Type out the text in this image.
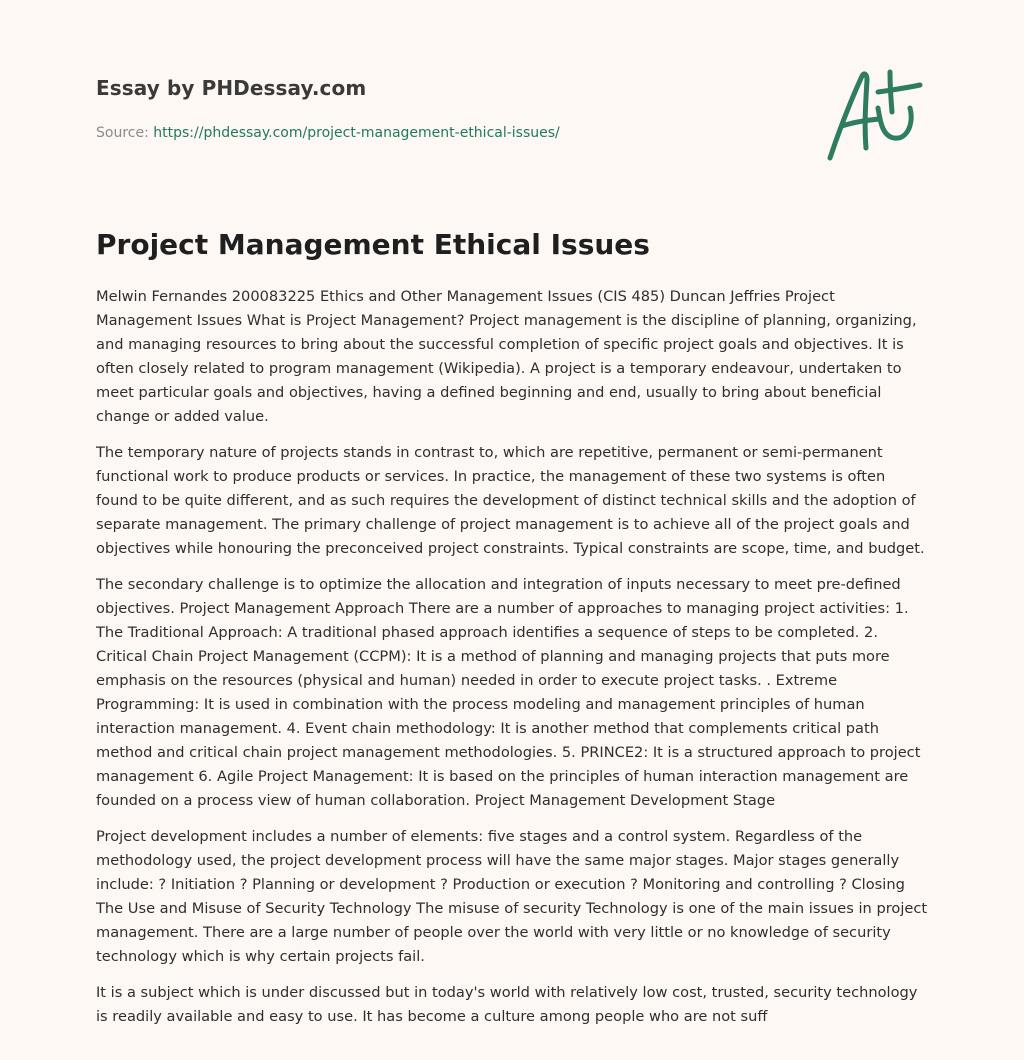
Essay by PHDessay.com
Source: https://phdessay.com/project-management-ethical-issues/
Project Management Ethical Issues

Melwin Fernandes 200083225 Ethics and Other Management Issues (CIS 485) Duncan Jeffries Project Management Issues What is Project Management? Project management is the discipline of planning, organizing, and managing resources to bring about the successful completion of specific project goals and objectives. It is often closely related to program management (Wikipedia). A project is a temporary endeavour, undertaken to meet particular goals and objectives, having a defined beginning and end, usually to bring about beneficial change or added value.

The temporary nature of projects stands in contrast to, which are repetitive, permanent or semi-permanent functional work to produce products or services. In practice, the management of these two systems is often found to be quite different, and as such requires the development of distinct technical skills and the adoption of separate management. The primary challenge of project management is to achieve all of the project goals and objectives while honouring the preconceived project constraints. Typical constraints are scope, time, and budget.

The secondary challenge is to optimize the allocation and integration of inputs necessary to meet pre-defined objectives. Project Management Approach There are a number of approaches to managing project activities: 1. The Traditional Approach: A traditional phased approach identifies a sequence of steps to be completed. 2. Critical Chain Project Management (CCPM): It is a method of planning and managing projects that puts more emphasis on the resources (physical and human) needed in order to execute project tasks. . Extreme Programming: It is used in combination with the process modeling and management principles of human interaction management. 4. Event chain methodology: It is another method that complements critical path method and critical chain project management methodologies. 5. PRINCE2: It is a structured approach to project management 6. Agile Project Management: It is based on the principles of human interaction management are founded on a process view of human collaboration. Project Management Development Stage

Project development includes a number of elements: five stages and a control system. Regardless of the methodology used, the project development process will have the same major stages. Major stages generally include: ? Initiation ? Planning or development ? Production or execution ? Monitoring and controlling ? Closing The Use and Misuse of Security Technology The misuse of security Technology is one of the main issues in project management. There are a large number of people over the world with very little or no knowledge of security technology which is why certain projects fail.

It is a subject which is under discussed but in today's world with relatively low cost, trusted, security technology is readily available and easy to use. It has become a culture among people who are not suff
